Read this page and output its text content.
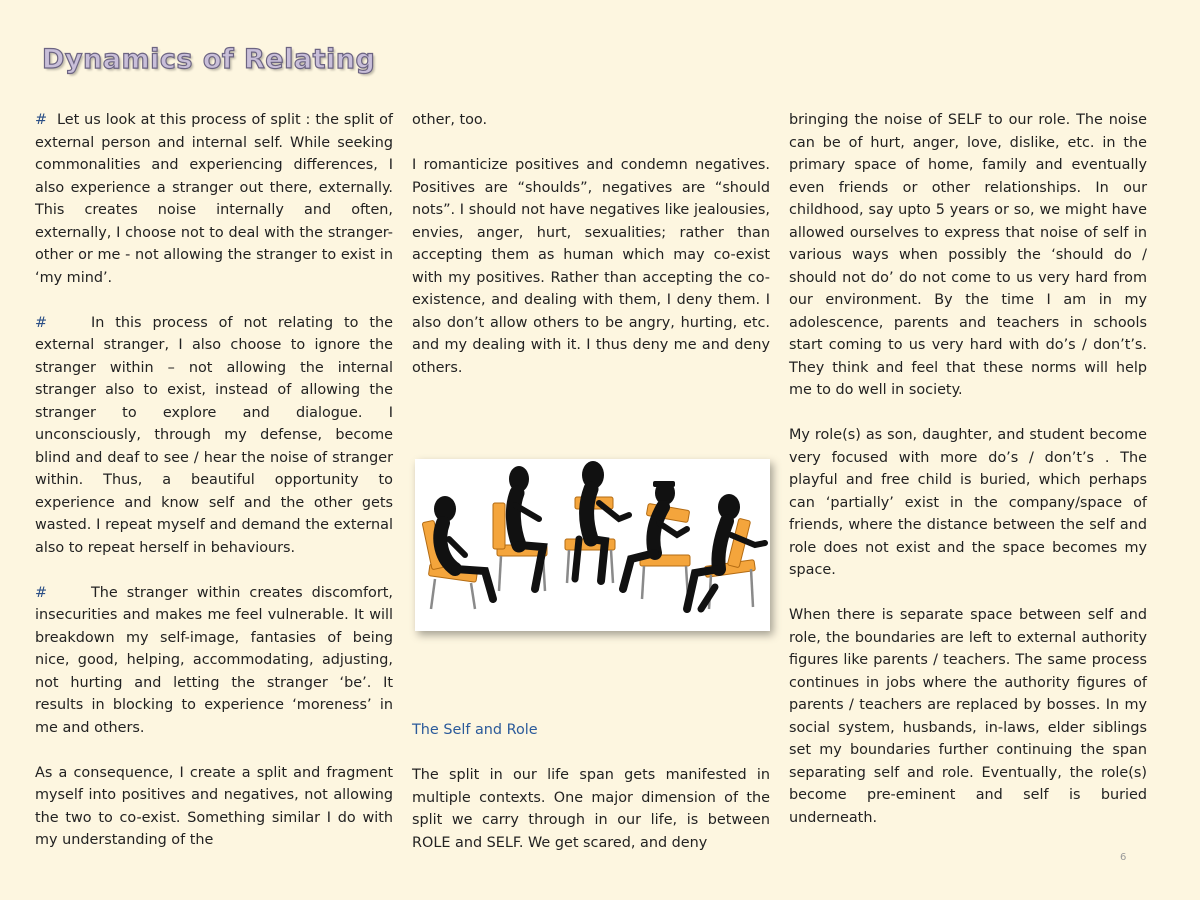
Dynamics of Relating

# Let us look at this process of split : the split of external person and internal self. While seeking commonalities and experiencing differences, I also experience a stranger out there, externally. This creates noise internally and often, externally, I choose not to deal with the stranger-other or me - not allowing the stranger to exist in ‘my mind’.

#	In this process of not relating to the external stranger, I also choose to ignore the stranger within – not allowing the internal stranger also to exist, instead of allowing the stranger to explore and dialogue. I unconsciously, through my defense, become blind and deaf to see / hear the noise of stranger within. Thus, a beautiful opportunity to experience and know self and the other gets wasted. I repeat myself and demand the external also to repeat herself in behaviours.

#	The stranger within creates discomfort, insecurities and makes me feel vulnerable. It will breakdown my self-image, fantasies of being nice, good, helping, accommodating, adjusting, not hurting and letting the stranger ‘be’. It results in blocking to experience ‘moreness’ in me and others.

As a consequence, I create a split and fragment myself into positives and negatives, not allowing the two to co-exist. Something similar I do with my understanding of the

other, too.

I romanticize positives and condemn negatives. Positives are “shoulds”, negatives are “should nots”. I should not have negatives like jealousies, envies, anger, hurt, sexualities; rather than accepting them as human which may co-exist with my positives. Rather than accepting the co-existence, and dealing with them, I deny them. I also don’t allow others to be angry, hurting, etc. and my dealing with it. I thus deny me and deny others.

The Self and Role

The split in our life span gets manifested in multiple contexts. One major dimension of the split we carry through in our life, is between ROLE and SELF. We get scared, and deny

bringing the noise of SELF to our role. The noise can be of hurt, anger, love, dislike, etc. in the primary space of home, family and eventually even friends or other relationships. In our childhood, say upto 5 years or so, we might have allowed ourselves to express that noise of self in various ways when possibly the ‘should do / should not do’ do not come to us very hard from our environment. By the time I am in my adolescence, parents and teachers in schools start coming to us very hard with do’s / don’t’s. They think and feel that these norms will help me to do well in society.

My role(s) as son, daughter, and student become very focused with more do’s / don’t’s . The playful and free child is buried, which perhaps can ‘partially’ exist in the company/space of friends, where the distance between the self and role does not exist and the space becomes my space.

When there is separate space between self and role, the boundaries are left to external authority figures like parents / teachers. The same process continues in jobs where the authority figures of parents / teachers are replaced by bosses. In my social system, husbands, in-laws, elder siblings set my boundaries further continuing the span separating self and role. Eventually, the role(s) become pre-eminent and self is buried underneath.

6
